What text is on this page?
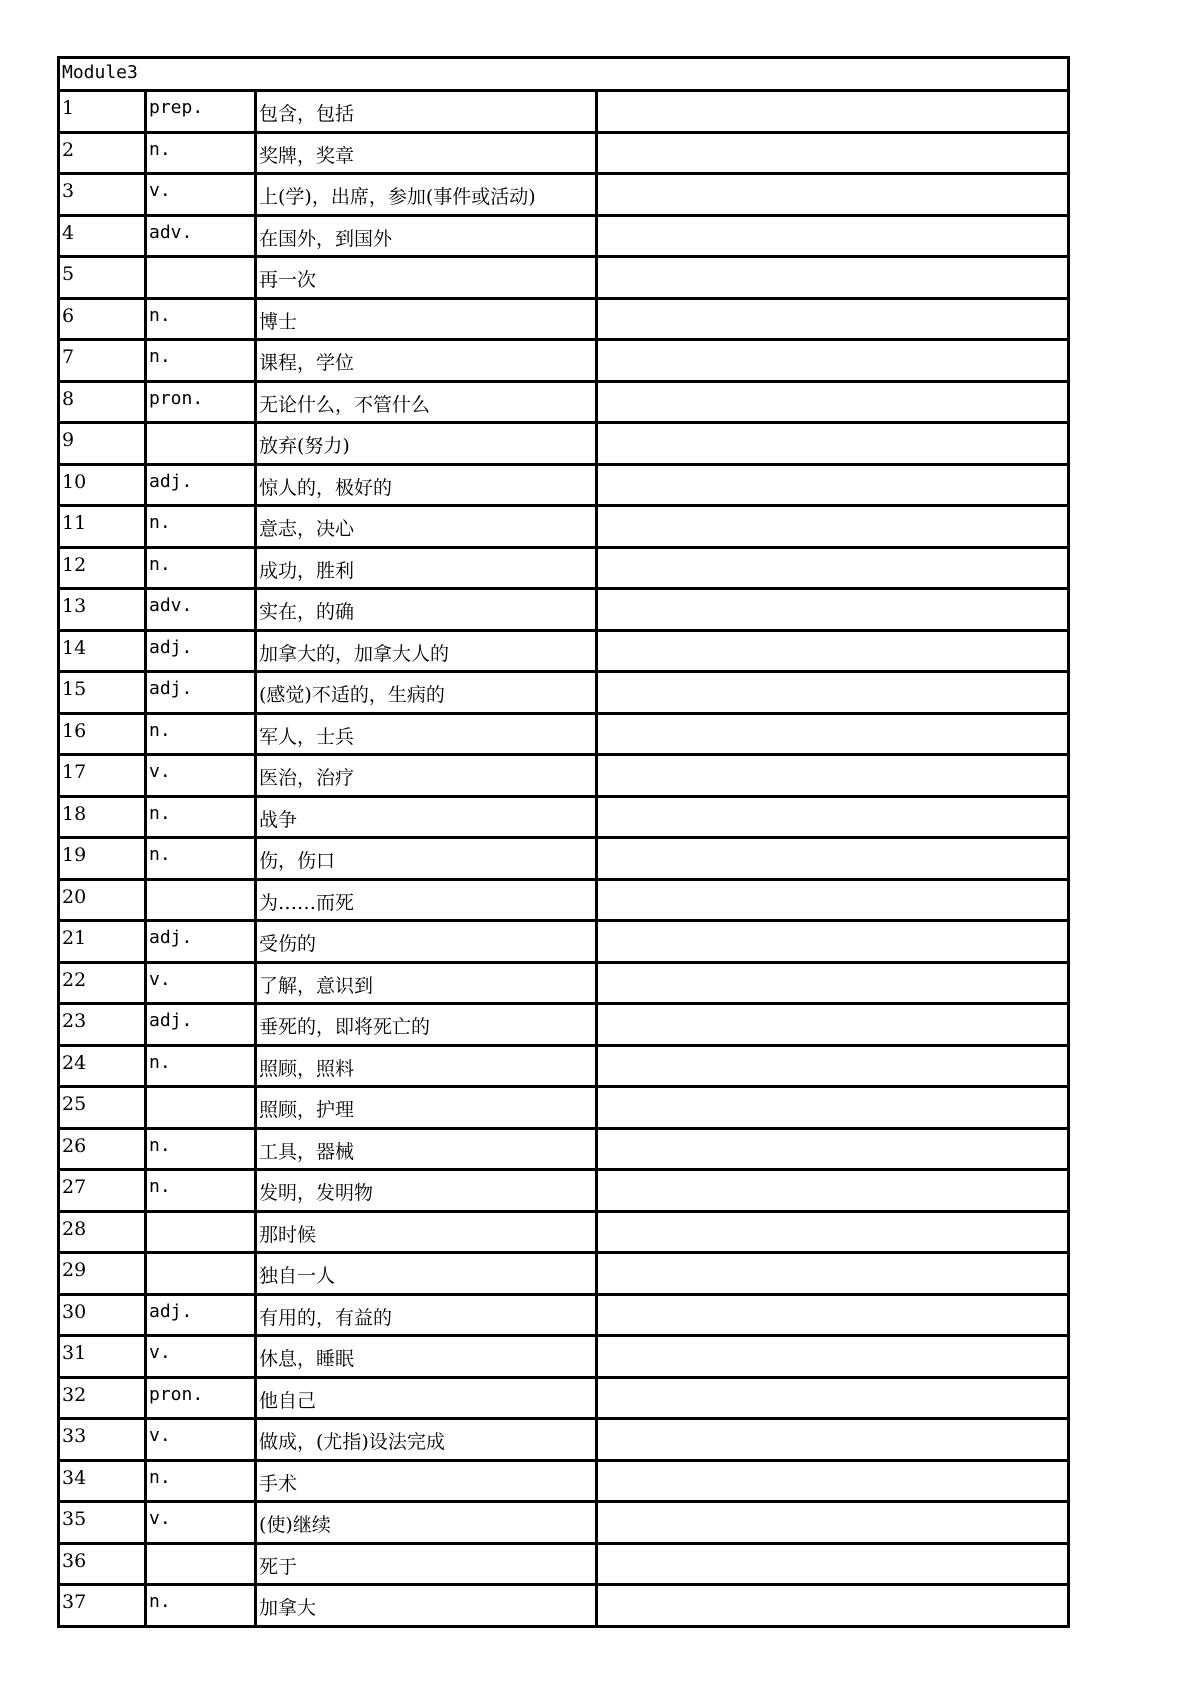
Module3			
1	prep.	包含，包括	
2	n.	奖牌，奖章	
3	v.	上(学)，出席，参加(事件或活动)	
4	adv.	在国外，到国外	
5		再一次	
6	n.	博士	
7	n.	课程，学位	
8	pron.	无论什么，不管什么	
9		放弃(努力)	
10	adj.	惊人的，极好的	
11	n.	意志，决心	
12	n.	成功，胜利	
13	adv.	实在，的确	
14	adj.	加拿大的，加拿大人的	
15	adj.	(感觉)不适的，生病的	
16	n.	军人，士兵	
17	v.	医治，治疗	
18	n.	战争	
19	n.	伤，伤口	
20		为……而死	
21	adj.	受伤的	
22	v.	了解，意识到	
23	adj.	垂死的，即将死亡的	
24	n.	照顾，照料	
25		照顾，护理	
26	n.	工具，器械	
27	n.	发明，发明物	
28		那时候	
29		独自一人	
30	adj.	有用的，有益的	
31	v.	休息，睡眠	
32	pron.	他自己	
33	v.	做成，(尤指)设法完成	
34	n.	手术	
35	v.	(使)继续	
36		死于	
37	n.	加拿大	
